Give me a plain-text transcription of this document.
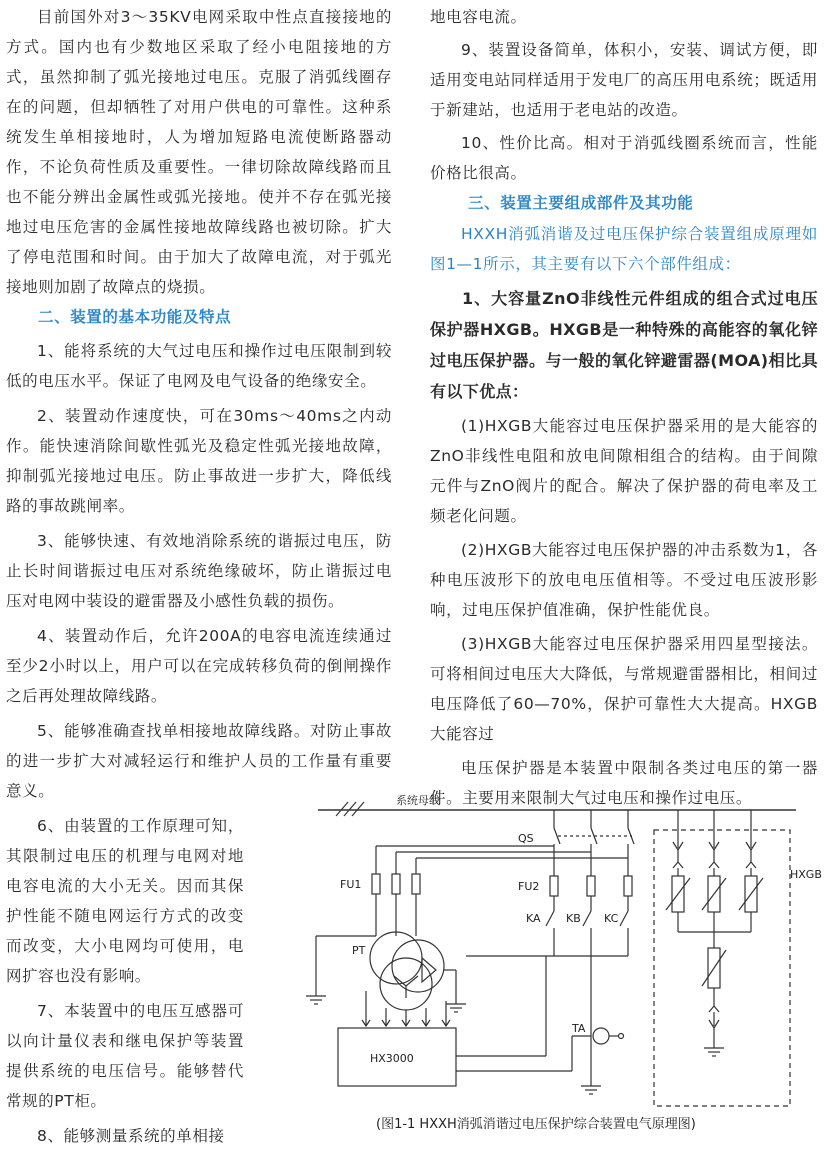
目前国外对3～35KV电网采取中性点直接接地的方式。国内也有少数地区采取了经小电阻接地的方式，虽然抑制了弧光接地过电压。克服了消弧线圈存在的问题，但却牺牲了对用户供电的可靠性。这种系统发生单相接地时，人为增加短路电流使断路器动作，不论负荷性质及重要性。一律切除故障线路而且也不能分辨出金属性或弧光接地。使并不存在弧光接地过电压危害的金属性接地故障线路也被切除。扩大了停电范围和时间。由于加大了故障电流，对于弧光接地则加剧了故障点的烧损。

二、装置的基本功能及特点

1、能将系统的大气过电压和操作过电压限制到较低的电压水平。保证了电网及电气设备的绝缘安全。

2、装置动作速度快，可在30ms～40ms之内动作。能快速消除间歇性弧光及稳定性弧光接地故障，抑制弧光接地过电压。防止事故进一步扩大，降低线路的事故跳闸率。

3、能够快速、有效地消除系统的谐振过电压，防止长时间谐振过电压对系统绝缘破坏，防止谐振过电压对电网中装设的避雷器及小感性负载的损伤。

4、装置动作后，允许200A的电容电流连续通过至少2小时以上，用户可以在完成转移负荷的倒闸操作之后再处理故障线路。

5、能够准确查找单相接地故障线路。对防止事故的进一步扩大对减轻运行和维护人员的工作量有重要意义。

6、由装置的工作原理可知，其限制过电压的机理与电网对地电容电流的大小无关。因而其保护性能不随电网运行方式的改变而改变，大小电网均可使用，电网扩容也没有影响。

7、本装置中的电压互感器可以向计量仪表和继电保护等装置提供系统的电压信号。能够替代常规的PT柜。

8、能够测量系统的单相接

地电容电流。

9、装置设备简单，体积小，安装、调试方便，即适用变电站同样适用于发电厂的高压用电系统；既适用于新建站，也适用于老电站的改造。

10、性价比高。相对于消弧线圈系统而言，性能价格比很高。

三、装置主要组成部件及其功能

HXXH消弧消谐及过电压保护综合装置组成原理如图1—1所示，其主要有以下六个部件组成：

1、大容量ZnO非线性元件组成的组合式过电压保护器HXGB。HXGB是一种特殊的高能容的氧化锌过电压保护器。与一般的氧化锌避雷器(MOA)相比具有以下优点：

(1)HXGB大能容过电压保护器采用的是大能容的ZnO非线性电阻和放电间隙相组合的结构。由于间隙元件与ZnO阀片的配合。解决了保护器的荷电率及工频老化问题。

(2)HXGB大能容过电压保护器的冲击系数为1，各种电压波形下的放电电压值相等。不受过电压波形影响，过电压保护值准确，保护性能优良。

(3)HXGB大能容过电压保护器采用四星型接法。可将相间过电压大大降低，与常规避雷器相比，相间过电压降低了60—70%，保护可靠性大大提高。HXGB大能容过

电压保护器是本装置中限制各类过电压的第一器件。主要用来限制大气过电压和操作过电压。

系统母线
QS
FU1	FU2
KA KB KC
PT
HX3000
TA
HXGB
(图1-1 HXXH消弧消谐过电压保护综合装置电气原理图)
